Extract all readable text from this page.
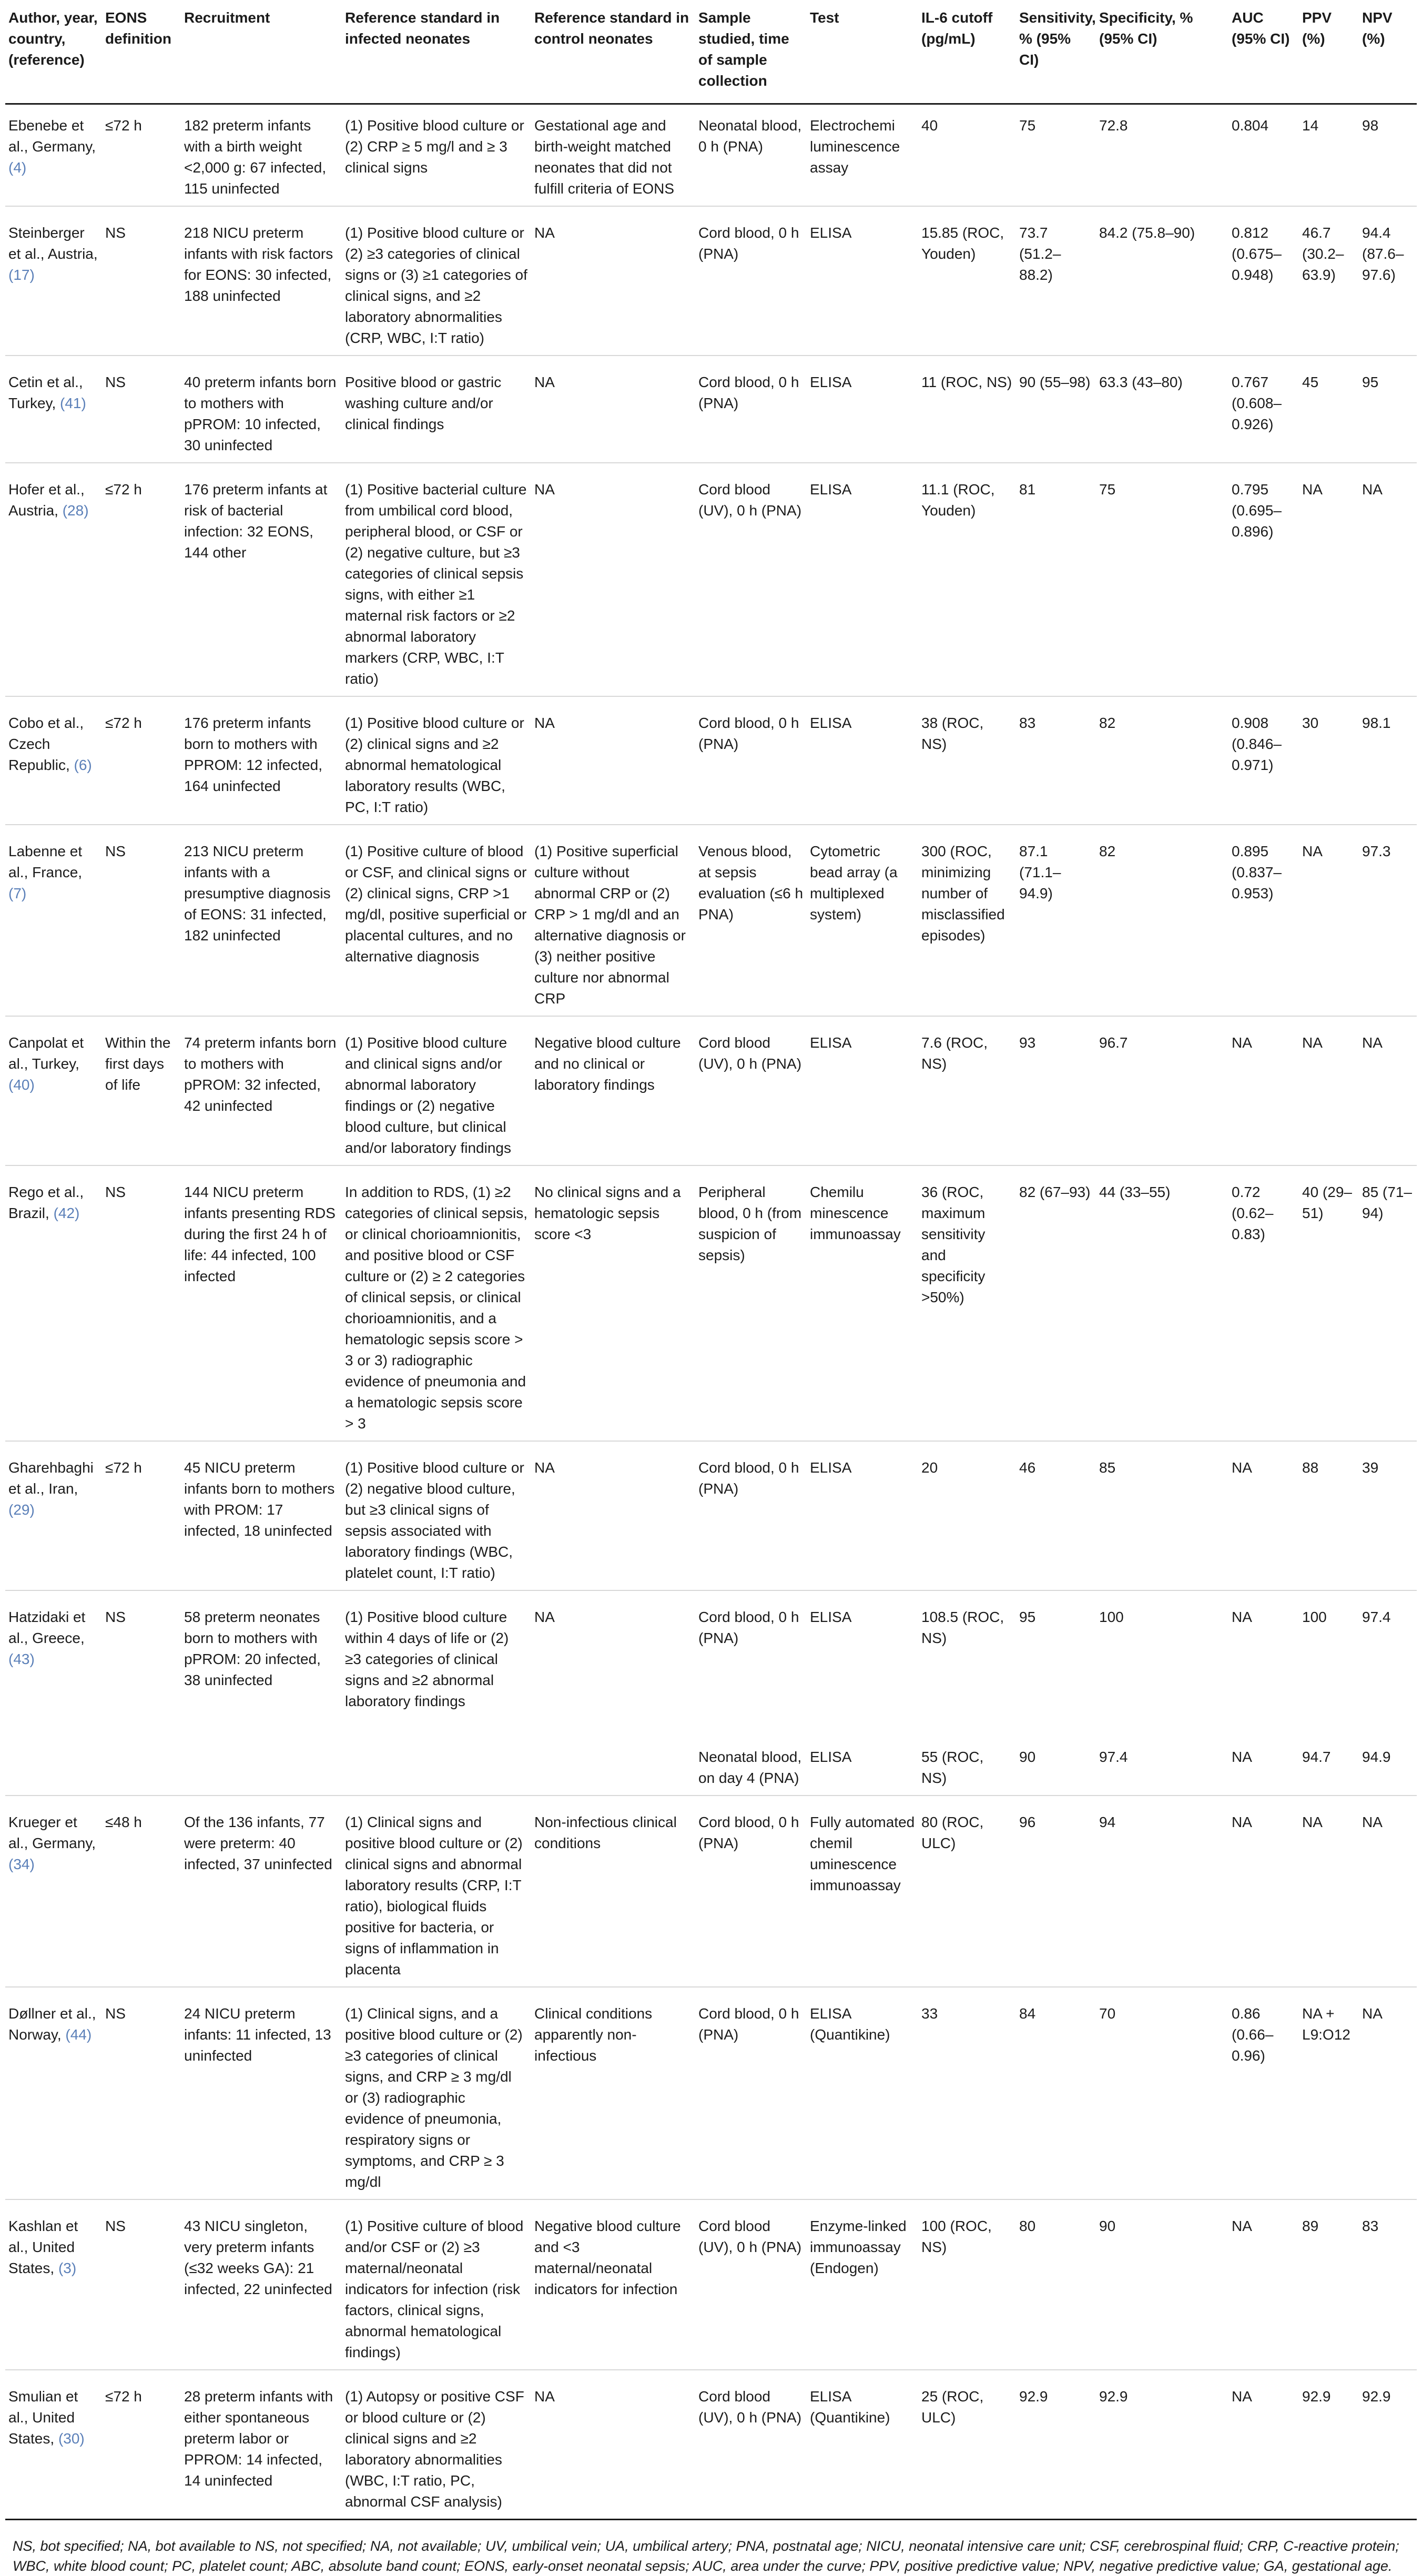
Author, year, country, (reference)	EONS definition	Recruitment	Reference standard in infected neonates	Reference standard in control neonates	Sample studied, time of sample collection	Test	IL-6 cutoff (pg/mL)	Sensitivity, % (95% CI)	Specificity, % (95% CI)	AUC (95% CI)	PPV (%)	NPV (%)
Ebenebe et al., Germany, (4)	≤72 h	182 preterm infants with a birth weight <2,000 g: 67 infected, 115 uninfected	(1) Positive blood culture or (2) CRP ≥ 5 mg/l and ≥ 3 clinical signs	Gestational age and birth-weight matched neonates that did not fulfill criteria of EONS	Neonatal blood, 0 h (PNA)	Electrochemi luminescence assay	40	75	72.8	0.804	14	98
Steinberger et al., Austria, (17)	NS	218 NICU preterm infants with risk factors for EONS: 30 infected, 188 uninfected	(1) Positive blood culture or (2) ≥3 categories of clinical signs or (3) ≥1 categories of clinical signs, and ≥2 laboratory abnormalities (CRP, WBC, I:T ratio)	NA	Cord blood, 0 h (PNA)	ELISA	15.85 (ROC, Youden)	73.7 (51.2–88.2)	84.2 (75.8–90)	0.812 (0.675–0.948)	46.7 (30.2–63.9)	94.4 (87.6–97.6)
Cetin et al., Turkey, (41)	NS	40 preterm infants born to mothers with pPROM: 10 infected, 30 uninfected	Positive blood or gastric washing culture and/or clinical findings	NA	Cord blood, 0 h (PNA)	ELISA	11 (ROC, NS)	90 (55–98)	63.3 (43–80)	0.767 (0.608–0.926)	45	95
Hofer et al., Austria, (28)	≤72 h	176 preterm infants at risk of bacterial infection: 32 EONS, 144 other	(1) Positive bacterial culture from umbilical cord blood, peripheral blood, or CSF or (2) negative culture, but ≥3 categories of clinical sepsis signs, with either ≥1 maternal risk factors or ≥2 abnormal laboratory markers (CRP, WBC, I:T ratio)	NA	Cord blood (UV), 0 h (PNA)	ELISA	11.1 (ROC, Youden)	81	75	0.795 (0.695–0.896)	NA	NA
Cobo et al., Czech Republic, (6)	≤72 h	176 preterm infants born to mothers with PPROM: 12 infected, 164 uninfected	(1) Positive blood culture or (2) clinical signs and ≥2 abnormal hematological laboratory results (WBC, PC, I:T ratio)	NA	Cord blood, 0 h (PNA)	ELISA	38 (ROC, NS)	83	82	0.908 (0.846–0.971)	30	98.1
Labenne et al., France, (7)	NS	213 NICU preterm infants with a presumptive diagnosis of EONS: 31 infected, 182 uninfected	(1) Positive culture of blood or CSF, and clinical signs or (2) clinical signs, CRP >1 mg/dl, positive superficial or placental cultures, and no alternative diagnosis	(1) Positive superficial culture without abnormal CRP or (2) CRP > 1 mg/dl and an alternative diagnosis or (3) neither positive culture nor abnormal CRP	Venous blood, at sepsis evaluation (≤6 h PNA)	Cytometric bead array (a multiplexed system)	300 (ROC, minimizing number of misclassified episodes)	87.1 (71.1–94.9)	82	0.895 (0.837–0.953)	NA	97.3
Canpolat et al., Turkey, (40)	Within the first days of life	74 preterm infants born to mothers with pPROM: 32 infected, 42 uninfected	(1) Positive blood culture and clinical signs and/or abnormal laboratory findings or (2) negative blood culture, but clinical and/or laboratory findings	Negative blood culture and no clinical or laboratory findings	Cord blood (UV), 0 h (PNA)	ELISA	7.6 (ROC, NS)	93	96.7	NA	NA	NA
Rego et al., Brazil, (42)	NS	144 NICU preterm infants presenting RDS during the first 24 h of life: 44 infected, 100 infected	In addition to RDS, (1) ≥2 categories of clinical sepsis, or clinical chorioamnionitis, and positive blood or CSF culture or (2) ≥ 2 categories of clinical sepsis, or clinical chorioamnionitis, and a hematologic sepsis score > 3 or 3) radiographic evidence of pneumonia and a hematologic sepsis score > 3	No clinical signs and a hematologic sepsis score <3	Peripheral blood, 0 h (from suspicion of sepsis)	Chemilu minescence immunoassay	36 (ROC, maximum sensitivity and specificity >50%)	82 (67–93)	44 (33–55)	0.72 (0.62–0.83)	40 (29–51)	85 (71–94)
Gharehbaghi et al., Iran, (29)	≤72 h	45 NICU preterm infants born to mothers with PROM: 17 infected, 18 uninfected	(1) Positive blood culture or (2) negative blood culture, but ≥3 clinical signs of sepsis associated with laboratory findings (WBC, platelet count, I:T ratio)	NA	Cord blood, 0 h (PNA)	ELISA	20	46	85	NA	88	39
Hatzidaki et al., Greece, (43)	NS	58 preterm neonates born to mothers with pPROM: 20 infected, 38 uninfected	(1) Positive blood culture within 4 days of life or (2) ≥3 categories of clinical signs and ≥2 abnormal laboratory findings	NA	Cord blood, 0 h (PNA)	ELISA	108.5 (ROC, NS)	95	100	NA	100	97.4
					Neonatal blood, on day 4 (PNA)	ELISA	55 (ROC, NS)	90	97.4	NA	94.7	94.9
Krueger et al., Germany, (34)	≤48 h	Of the 136 infants, 77 were preterm: 40 infected, 37 uninfected	(1) Clinical signs and positive blood culture or (2) clinical signs and abnormal laboratory results (CRP, I:T ratio), biological fluids positive for bacteria, or signs of inflammation in placenta	Non-infectious clinical conditions	Cord blood, 0 h (PNA)	Fully automated chemil uminescence immunoassay	80 (ROC, ULC)	96	94	NA	NA	NA
Døllner et al., Norway, (44)	NS	24 NICU preterm infants: 11 infected, 13 uninfected	(1) Clinical signs, and a positive blood culture or (2) ≥3 categories of clinical signs, and CRP ≥ 3 mg/dl or (3) radiographic evidence of pneumonia, respiratory signs or symptoms, and CRP ≥ 3 mg/dl	Clinical conditions apparently non-infectious	Cord blood, 0 h (PNA)	ELISA (Quantikine)	33	84	70	0.86 (0.66–0.96)	NA + L9:O12	NA
Kashlan et al., United States, (3)	NS	43 NICU singleton, very preterm infants (≤32 weeks GA): 21 infected, 22 uninfected	(1) Positive culture of blood and/or CSF or (2) ≥3 maternal/neonatal indicators for infection (risk factors, clinical signs, abnormal hematological findings)	Negative blood culture and <3 maternal/neonatal indicators for infection	Cord blood (UV), 0 h (PNA)	Enzyme-linked immunoassay (Endogen)	100 (ROC, NS)	80	90	NA	89	83
Smulian et al., United States, (30)	≤72 h	28 preterm infants with either spontaneous preterm labor or PPROM: 14 infected, 14 uninfected	(1) Autopsy or positive CSF or blood culture or (2) clinical signs and ≥2 laboratory abnormalities (WBC, I:T ratio, PC, abnormal CSF analysis)	NA	Cord blood (UV), 0 h (PNA)	ELISA (Quantikine)	25 (ROC, ULC)	92.9	92.9	NA	92.9	92.9

NS, bot specified; NA, bot available to NS, not specified; NA, not available; UV, umbilical vein; UA, umbilical artery; PNA, postnatal age; NICU, neonatal intensive care unit; CSF, cerebrospinal fluid; CRP, C-reactive protein; WBC, white blood count; PC, platelet count; ABC, absolute band count; EONS, early-onset neonatal sepsis; AUC, area under the curve; PPV, positive predictive value; NPV, negative predictive value; GA, gestational age.
